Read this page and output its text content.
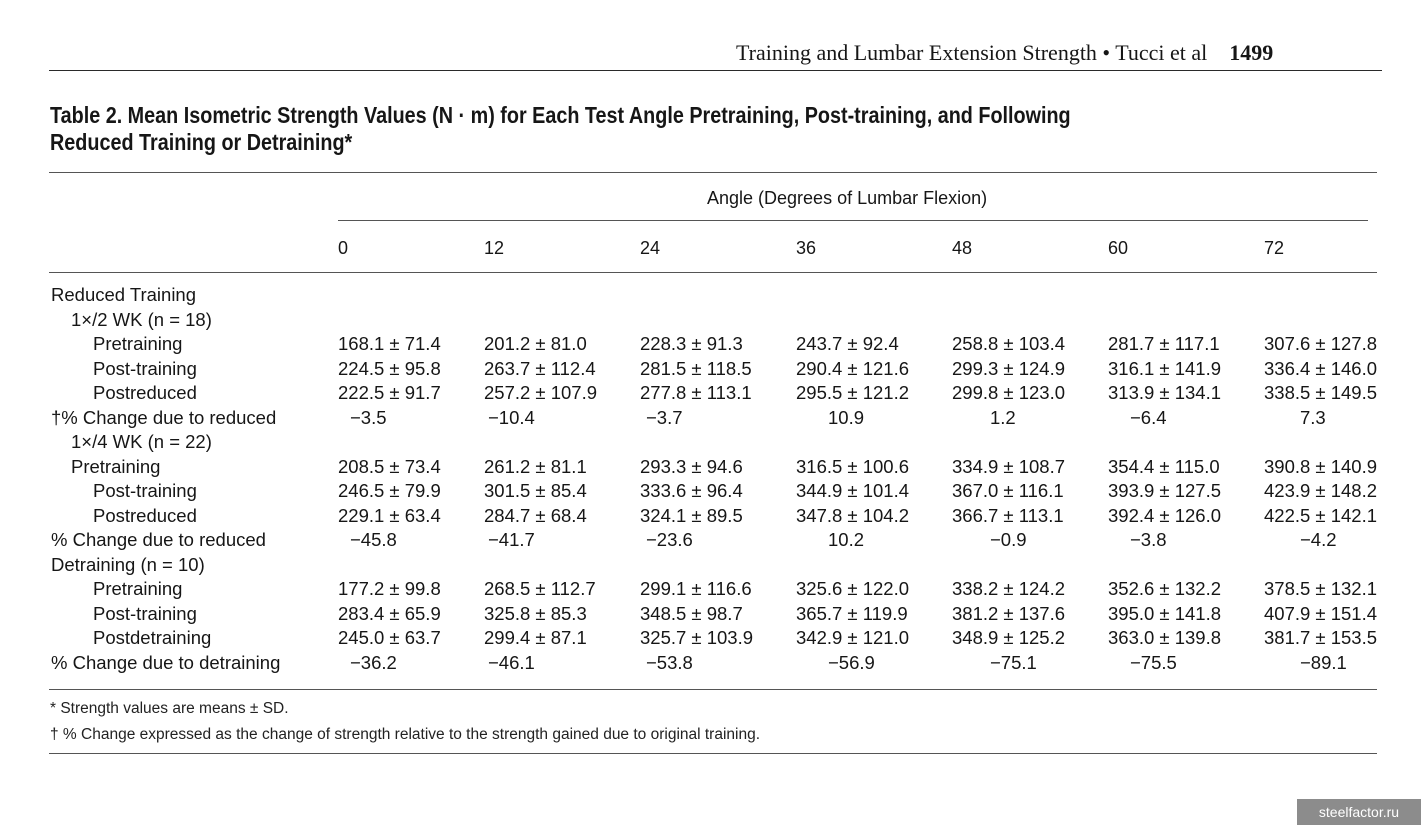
Training and Lumbar Extension Strength • Tucci et al 1499
Table 2. Mean Isometric Strength Values (N · m) for Each Test Angle Pretraining, Post-training, and Following
Reduced Training or Detraining*
Angle (Degrees of Lumbar Flexion)
0	12	24	36	48	60	72
Reduced Training
1×/2 WK (n = 18)
Pretraining	168.1 ± 71.4 201.2 ± 81.0	228.3 ± 91.3	243.7 ± 92.4	258.8 ± 103.4 281.7 ± 117.1 307.6 ± 127.8
Post-training	224.5 ± 95.8 263.7 ± 112.4 281.5 ± 118.5 290.4 ± 121.6 299.3 ± 124.9 316.1 ± 141.9 336.4 ± 146.0
Postreduced	222.5 ± 91.7 257.2 ± 107.9 277.8 ± 113.1 295.5 ± 121.2 299.8 ± 123.0 313.9 ± 134.1 338.5 ± 149.5
†% Change due to reduced	−3.5	−10.4	−3.7	10.9	1.2	−6.4	7.3
1×/4 WK (n = 22)
Pretraining	208.5 ± 73.4 261.2 ± 81.1	293.3 ± 94.6	316.5 ± 100.6 334.9 ± 108.7 354.4 ± 115.0 390.8 ± 140.9
Post-training	246.5 ± 79.9 301.5 ± 85.4	333.6 ± 96.4	344.9 ± 101.4 367.0 ± 116.1 393.9 ± 127.5 423.9 ± 148.2
Postreduced	229.1 ± 63.4 284.7 ± 68.4	324.1 ± 89.5	347.8 ± 104.2 366.7 ± 113.1 392.4 ± 126.0 422.5 ± 142.1
% Change due to reduced	−45.8	−41.7	−23.6	10.2	−0.9	−3.8	−4.2
Detraining (n = 10)
Pretraining	177.2 ± 99.8 268.5 ± 112.7 299.1 ± 116.6 325.6 ± 122.0 338.2 ± 124.2 352.6 ± 132.2 378.5 ± 132.1
Post-training	283.4 ± 65.9 325.8 ± 85.3	348.5 ± 98.7	365.7 ± 119.9 381.2 ± 137.6 395.0 ± 141.8 407.9 ± 151.4
Postdetraining	245.0 ± 63.7 299.4 ± 87.1	325.7 ± 103.9 342.9 ± 121.0 348.9 ± 125.2 363.0 ± 139.8 381.7 ± 153.5
% Change due to detraining	−36.2	−46.1	−53.8	−56.9	−75.1	−75.5	−89.1
* Strength values are means ± SD.
† % Change expressed as the change of strength relative to the strength gained due to original training.
steelfactor.ru
